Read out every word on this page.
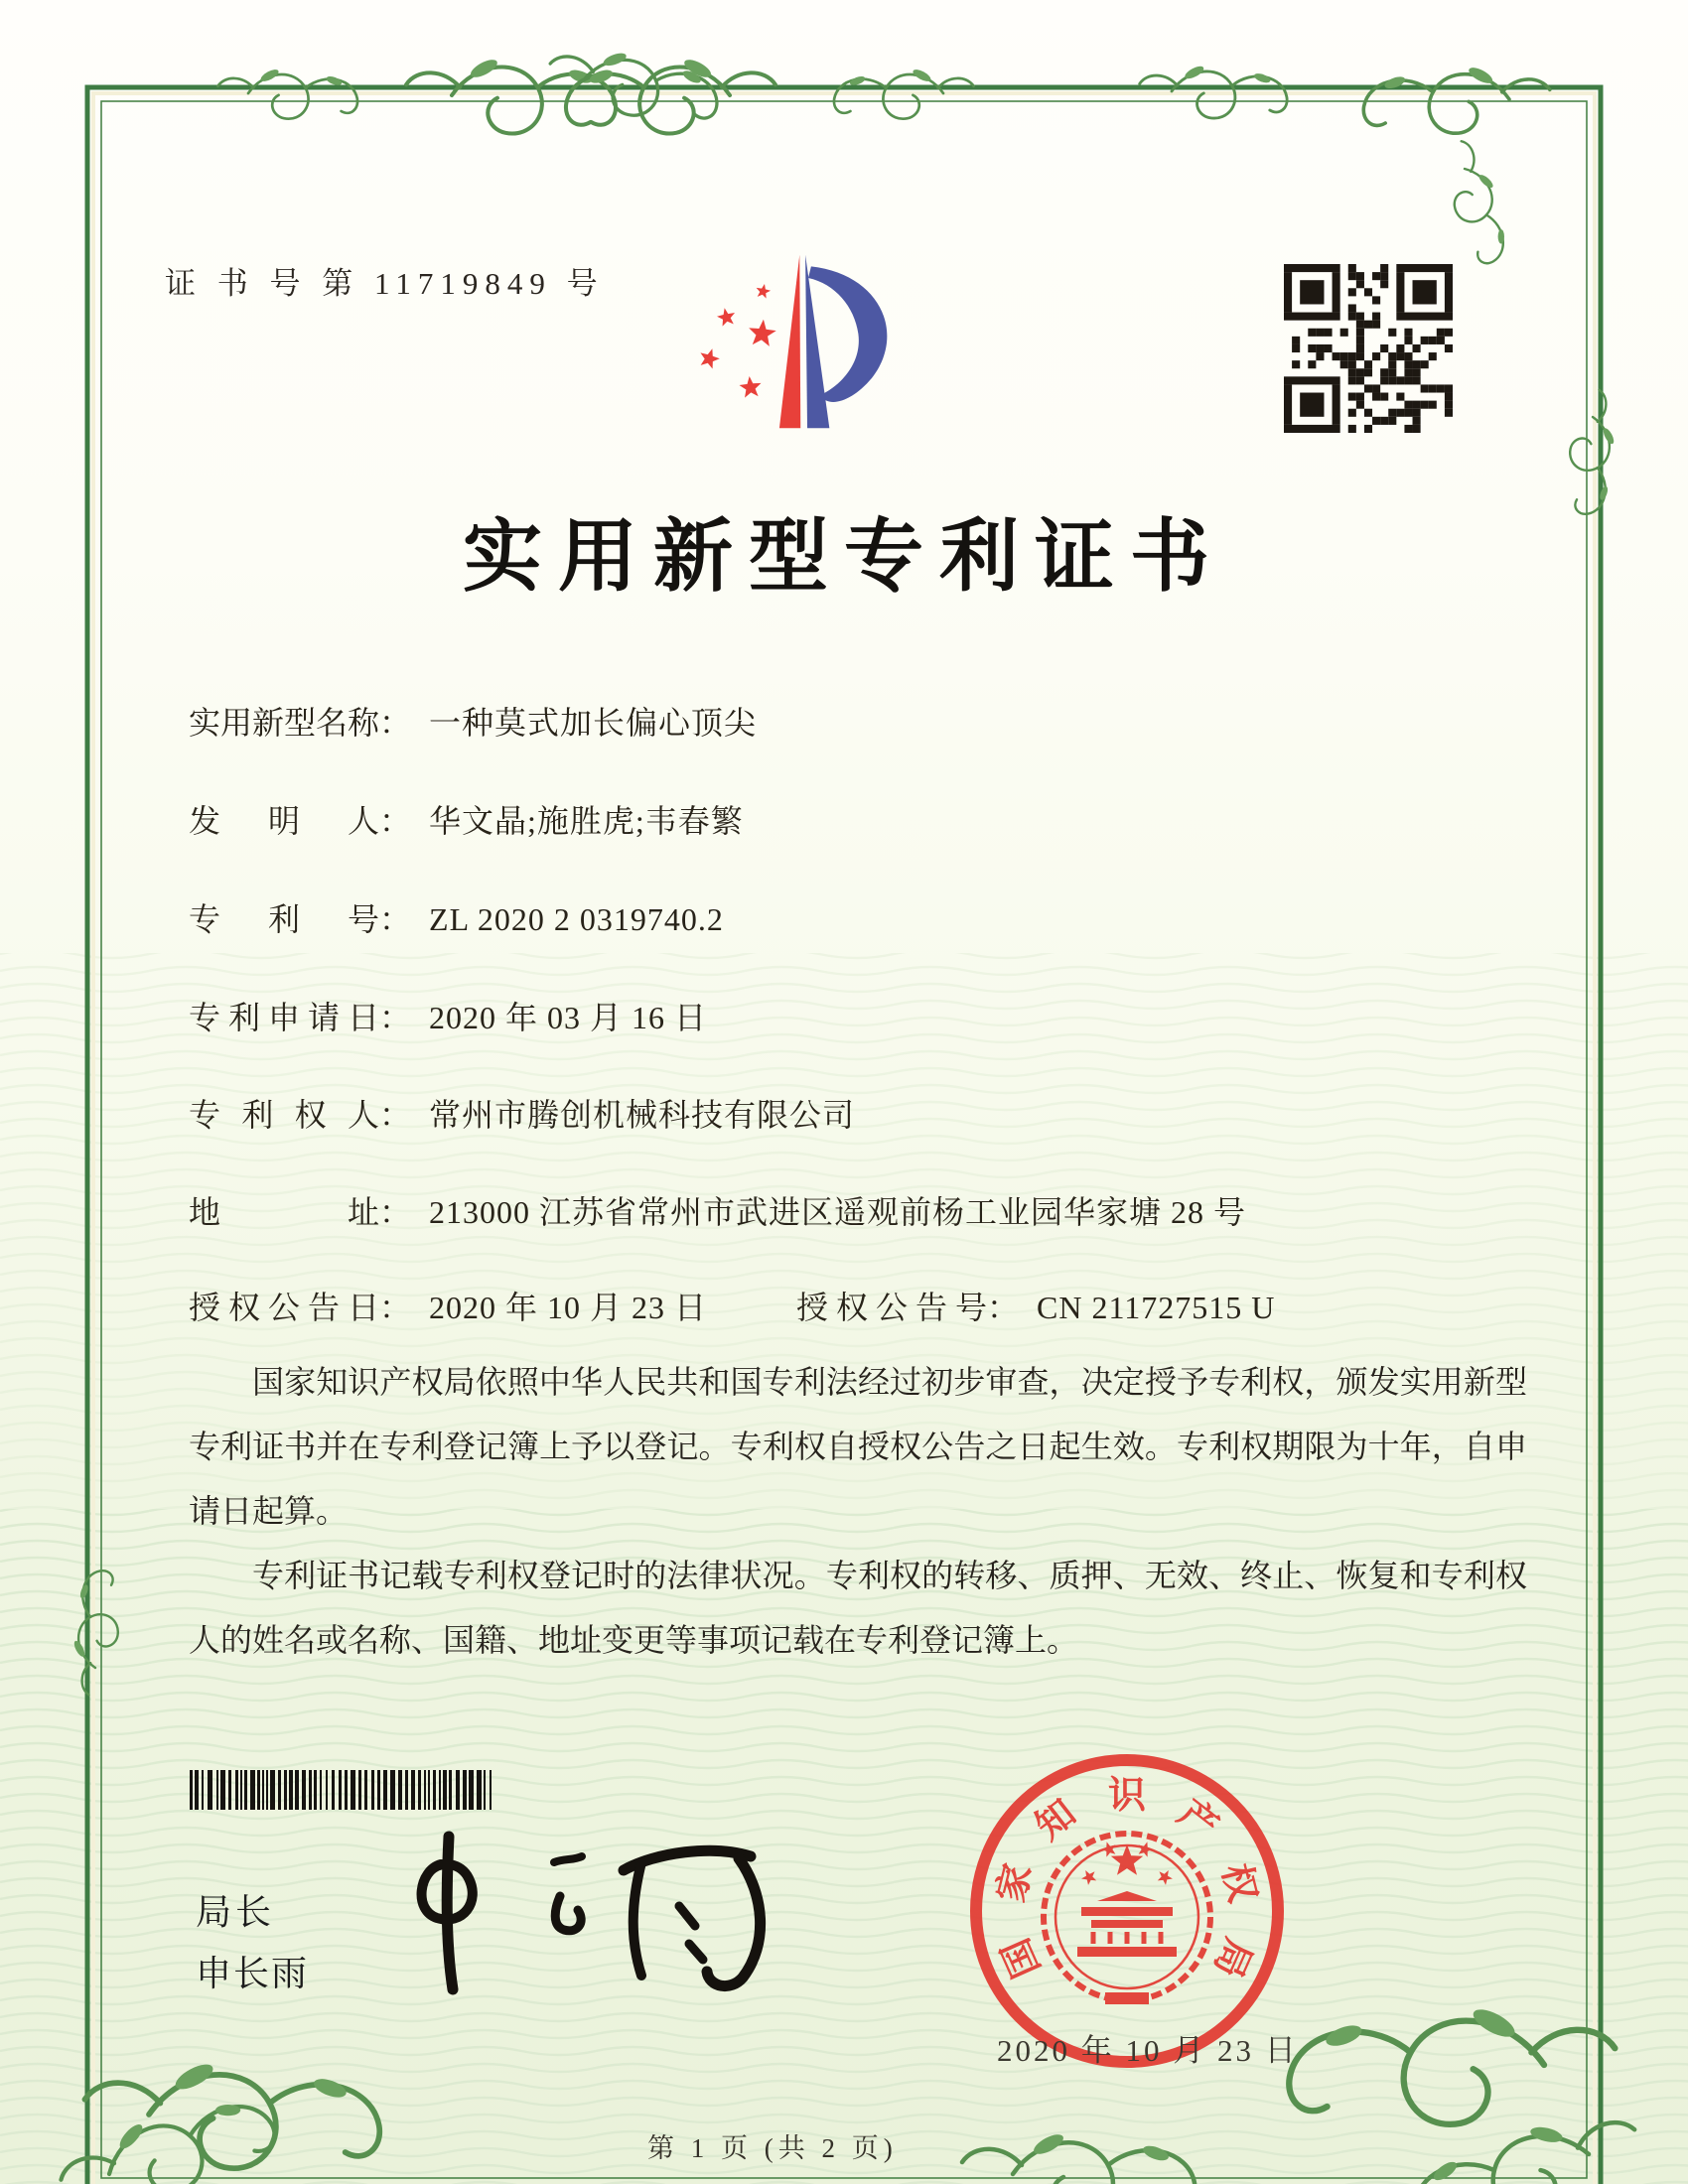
证 书 号 第 11719849 号
实用新型专利证书
实用新型名称： 一种莫式加长偏心顶尖
发明人： 华文晶;施胜虎;韦春繁
专利号： ZL 2020 2 0319740.2
专利申请日： 2020 年 03 月 16 日
专利权人： 常州市腾创机械科技有限公司
地址： 213000 江苏省常州市武进区遥观前杨工业园华家塘 28 号
授权公告日： 2020 年 10 月 23 日	授权公告号： CN 211727515 U

国家知识产权局依照中华人民共和国专利法经过初步审查，决定授予专利权，颁发实用新型专利证书并在专利登记簿上予以登记。专利权自授权公告之日起生效。专利权期限为十年，自申请日起算。

专利证书记载专利权登记时的法律状况。专利权的转移、质押、无效、终止、恢复和专利权人的姓名或名称、国籍、地址变更等事项记载在专利登记簿上。

局长
申长雨	国
家
知 识 产
权
局
2020 年 10 月 23 日
第 1 页 (共 2 页)
